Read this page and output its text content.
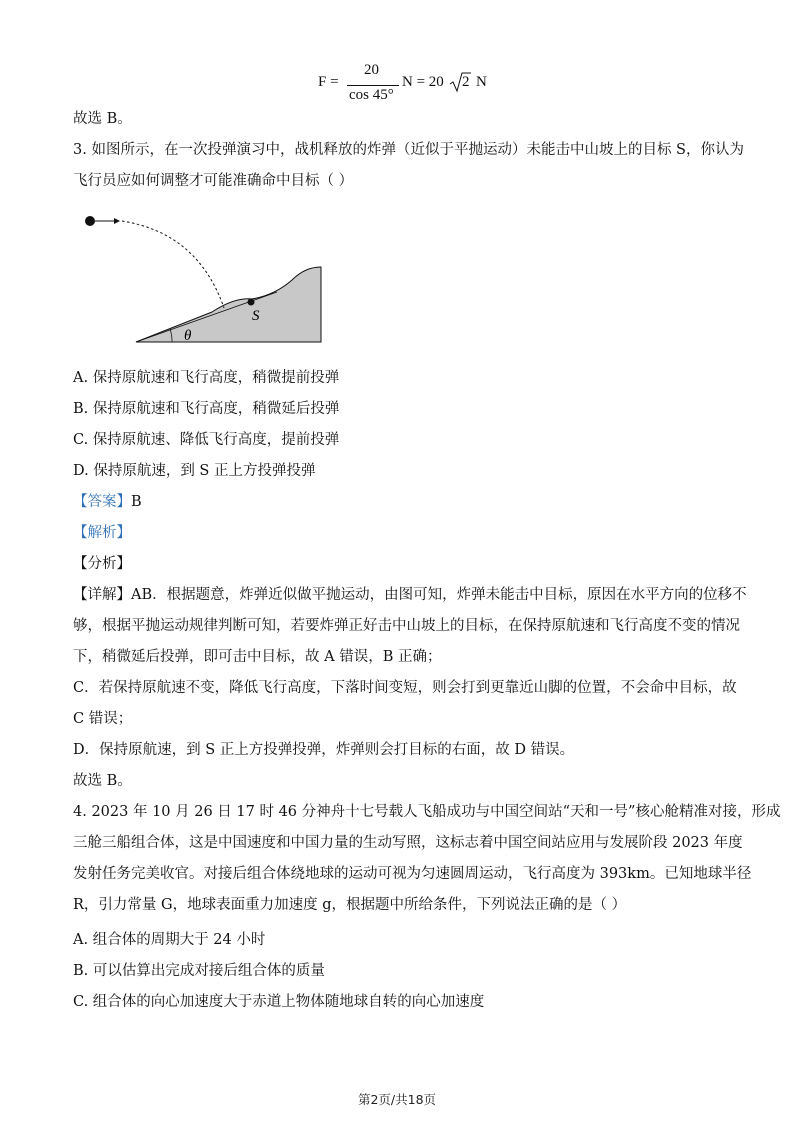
F =
20
cos 45°
N = 20 2 N
故选 B。
3. 如图所示，在一次投弹演习中，战机释放的炸弹（近似于平抛运动）未能击中山坡上的目标 S，你认为
飞行员应如何调整才可能准确命中目标（ ）
S
θ
A. 保持原航速和飞行高度，稍微提前投弹
B. 保持原航速和飞行高度，稍微延后投弹
C. 保持原航速、降低飞行高度，提前投弹
D. 保持原航速，到 S 正上方投弹投弹
【答案】B
【解析】
【分析】
【详解】AB．根据题意，炸弹近似做平抛运动，由图可知，炸弹未能击中目标，原因在水平方向的位移不
够，根据平抛运动规律判断可知，若要炸弹正好击中山坡上的目标，在保持原航速和飞行高度不变的情况
下，稍微延后投弹，即可击中目标，故 A 错误，B 正确；
C．若保持原航速不变，降低飞行高度，下落时间变短，则会打到更靠近山脚的位置，不会命中目标，故
C 错误；
D．保持原航速，到 S 正上方投弹投弹，炸弹则会打目标的右面，故 D 错误。
故选 B。
4. 2023 年 10 月 26 日 17 时 46 分神舟十七号载人飞船成功与中国空间站“天和一号”核心舱精准对接，形成
三舱三船组合体，这是中国速度和中国力量的生动写照，这标志着中国空间站应用与发展阶段 2023 年度
发射任务完美收官。对接后组合体绕地球的运动可视为匀速圆周运动，飞行高度为 393km。已知地球半径
R，引力常量 G，地球表面重力加速度 g，根据题中所给条件，下列说法正确的是（ ）
A. 组合体的周期大于 24 小时
B. 可以估算出完成对接后组合体的质量
C. 组合体的向心加速度大于赤道上物体随地球自转的向心加速度
第2页/共18页
